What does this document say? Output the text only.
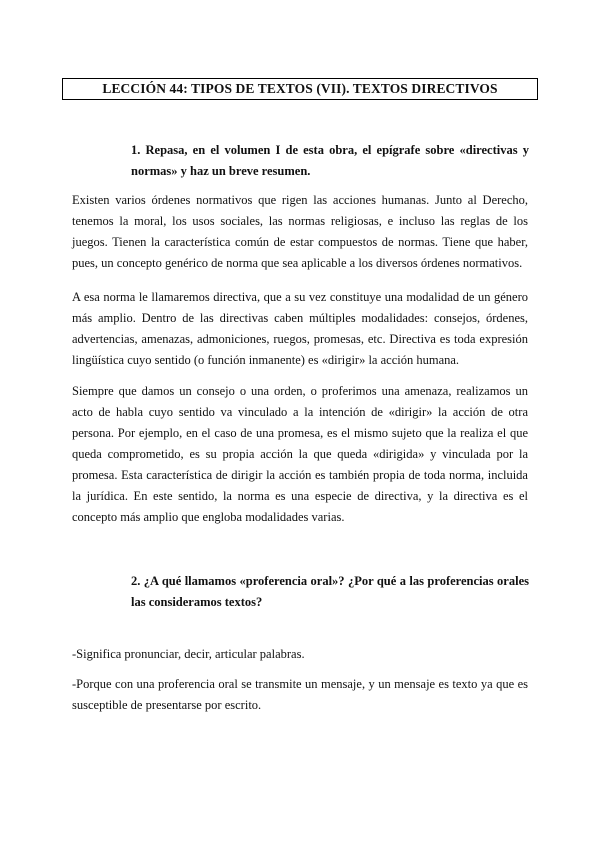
LECCIÓN 44: TIPOS DE TEXTOS (VII). TEXTOS DIRECTIVOS
1. Repasa, en el volumen I de esta obra, el epígrafe sobre «directivas y normas» y haz un breve resumen.

Existen varios órdenes normativos que rigen las acciones humanas. Junto al Derecho, tenemos la moral, los usos sociales, las normas religiosas, e incluso las reglas de los juegos. Tienen la característica común de estar compuestos de normas. Tiene que haber, pues, un concepto genérico de norma que sea aplicable a los diversos órdenes normativos.

A esa norma le llamaremos directiva, que a su vez constituye una modalidad de un género más amplio. Dentro de las directivas caben múltiples modalidades: consejos, órdenes, advertencias, amenazas, admoniciones, ruegos, promesas, etc. Directiva es toda expresión lingüística cuyo sentido (o función inmanente) es «dirigir» la acción humana.

Siempre que damos un consejo o una orden, o proferimos una amenaza, realizamos un acto de habla cuyo sentido va vinculado a la intención de «dirigir» la acción de otra persona. Por ejemplo, en el caso de una promesa, es el mismo sujeto que la realiza el que queda comprometido, es su propia acción la que queda «dirigida» y vinculada por la promesa. Esta característica de dirigir la acción es también propia de toda norma, incluida la jurídica. En este sentido, la norma es una especie de directiva, y la directiva es el concepto más amplio que engloba modalidades varias.

2. ¿A qué llamamos «proferencia oral»? ¿Por qué a las proferencias orales las consideramos textos?

-Significa pronunciar, decir, articular palabras.

-Porque con una proferencia oral se transmite un mensaje, y un mensaje es texto ya que es susceptible de presentarse por escrito.
